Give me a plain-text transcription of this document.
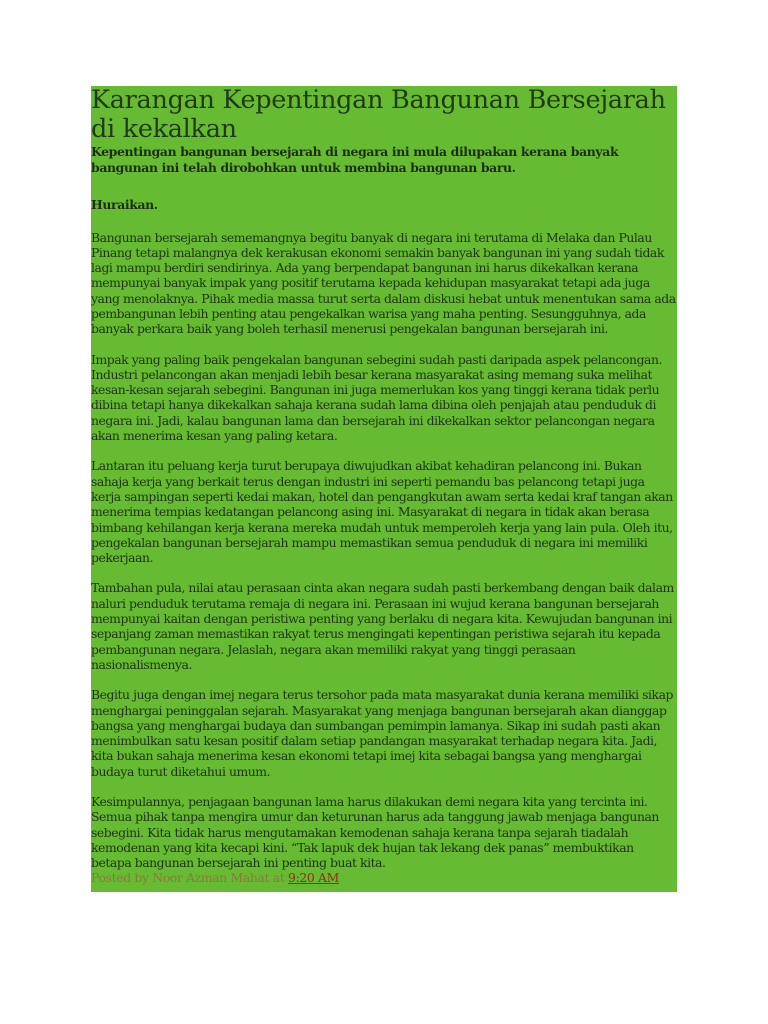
Karangan Kepentingan Bangunan Bersejarah
di kekalkan

Kepentingan bangunan bersejarah di negara ini mula dilupakan kerana banyak bangunan ini telah dirobohkan untuk membina bangunan baru.

Huraikan.

Bangunan bersejarah sememangnya begitu banyak di negara ini terutama di Melaka dan Pulau Pinang tetapi malangnya dek kerakusan ekonomi semakin banyak bangunan ini yang sudah tidak lagi mampu berdiri sendirinya. Ada yang berpendapat bangunan ini harus dikekalkan kerana mempunyai banyak impak yang positif terutama kepada kehidupan masyarakat tetapi ada juga yang menolaknya. Pihak media massa turut serta dalam diskusi hebat untuk menentukan sama ada pembangunan lebih penting atau pengekalkan warisa yang maha penting. Sesungguhnya, ada banyak perkara baik yang boleh terhasil menerusi pengekalan bangunan bersejarah ini.

Impak yang paling baik pengekalan bangunan sebegini sudah pasti daripada aspek pelancongan. Industri pelancongan akan menjadi lebih besar kerana masyarakat asing memang suka melihat kesan-kesan sejarah sebegini. Bangunan ini juga memerlukan kos yang tinggi kerana tidak perlu dibina tetapi hanya dikekalkan sahaja kerana sudah lama dibina oleh penjajah atau penduduk di negara ini. Jadi, kalau bangunan lama dan bersejarah ini dikekalkan sektor pelancongan negara akan menerima kesan yang paling ketara.

Lantaran itu peluang kerja turut berupaya diwujudkan akibat kehadiran pelancong ini. Bukan sahaja kerja yang berkait terus dengan industri ini seperti pemandu bas pelancong tetapi juga kerja sampingan seperti kedai makan, hotel dan pengangkutan awam serta kedai kraf tangan akan menerima tempias kedatangan pelancong asing ini. Masyarakat di negara in tidak akan berasa bimbang kehilangan kerja kerana mereka mudah untuk memperoleh kerja yang lain pula. Oleh itu, pengekalan bangunan bersejarah mampu memastikan semua penduduk di negara ini memiliki pekerjaan.

Tambahan pula, nilai atau perasaan cinta akan negara sudah pasti berkembang dengan baik dalam naluri penduduk terutama remaja di negara ini. Perasaan ini wujud kerana bangunan bersejarah mempunyai kaitan dengan peristiwa penting yang berlaku di negara kita. Kewujudan bangunan ini sepanjang zaman memastikan rakyat terus mengingati kepentingan peristiwa sejarah itu kepada pembangunan negara. Jelaslah, negara akan memiliki rakyat yang tinggi perasaan nasionalismenya.

Begitu juga dengan imej negara terus tersohor pada mata masyarakat dunia kerana memiliki sikap menghargai peninggalan sejarah. Masyarakat yang menjaga bangunan bersejarah akan dianggap bangsa yang menghargai budaya dan sumbangan pemimpin lamanya. Sikap ini sudah pasti akan menimbulkan satu kesan positif dalam setiap pandangan masyarakat terhadap negara kita. Jadi, kita bukan sahaja menerima kesan ekonomi tetapi imej kita sebagai bangsa yang menghargai budaya turut diketahui umum.

Kesimpulannya, penjagaan bangunan lama harus dilakukan demi negara kita yang tercinta ini. Semua pihak tanpa mengira umur dan keturunan harus ada tanggung jawab menjaga bangunan sebegini. Kita tidak harus mengutamakan kemodenan sahaja kerana tanpa sejarah tiadalah kemodenan yang kita kecapi kini. “Tak lapuk dek hujan tak lekang dek panas” membuktikan betapa bangunan bersejarah ini penting buat kita.

Posted by Noor Azman Mahat at 9:20 AM
